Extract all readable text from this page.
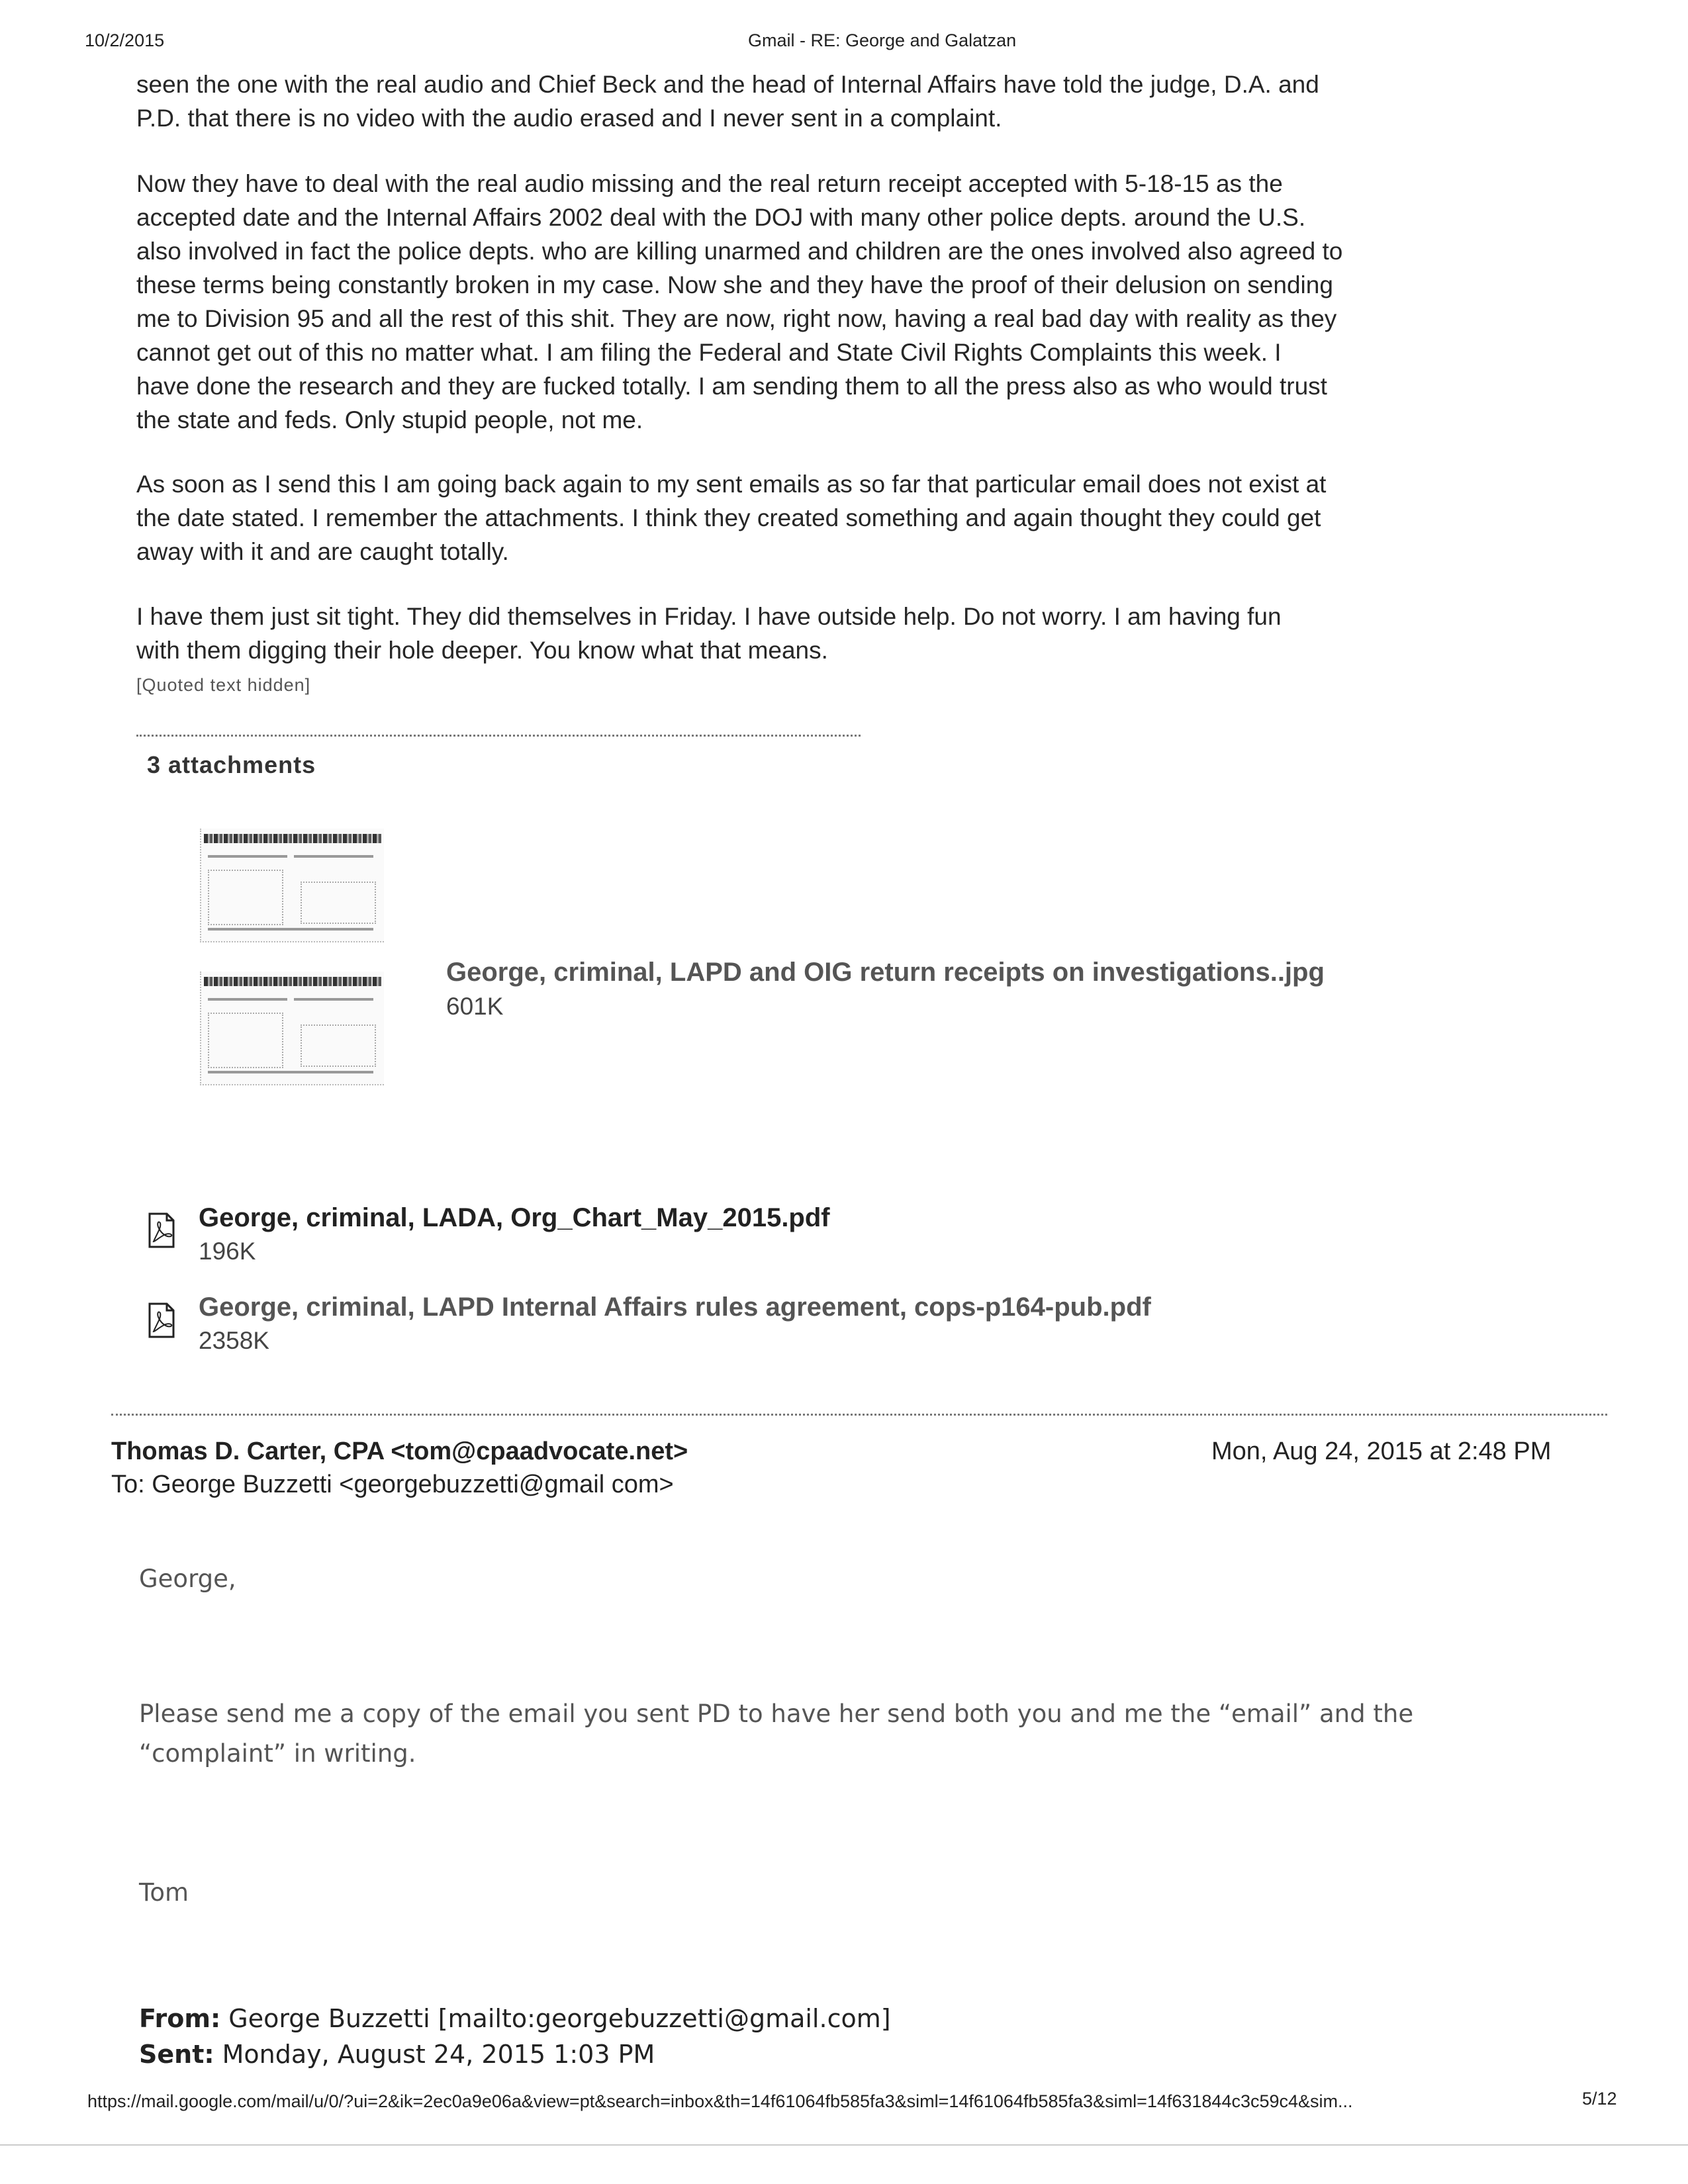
10/2/2015	Gmail - RE: George and Galatzan

seen the one with the real audio and Chief Beck and the head of Internal Affairs have told the judge, D.A. and

P.D. that there is no video with the audio erased and I never sent in a complaint.

Now they have to deal with the real audio missing and the real return receipt accepted with 5-18-15 as the

accepted date and the Internal Affairs 2002 deal with the DOJ with many other police depts. around the U.S.

also involved in fact the police depts. who are killing unarmed and children are the ones involved also agreed to

these terms being constantly broken in my case. Now she and they have the proof of their delusion on sending

me to Division 95 and all the rest of this shit. They are now, right now, having a real bad day with reality as they

cannot get out of this no matter what. I am filing the Federal and State Civil Rights Complaints this week. I

have done the research and they are fucked totally. I am sending them to all the press also as who would trust

the state and feds. Only stupid people, not me.

As soon as I send this I am going back again to my sent emails as so far that particular email does not exist at

the date stated. I remember the attachments. I think they created something and again thought they could get

away with it and are caught totally.

I have them just sit tight. They did themselves in Friday. I have outside help. Do not worry. I am having fun

with them digging their hole deeper. You know what that means.

[Quoted text hidden]
3 attachments
George, criminal, LAPD and OIG return receipts on investigations..jpg
601K
George, criminal, LADA, Org_Chart_May_2015.pdf
196K
George, criminal, LAPD Internal Affairs rules agreement, cops-p164-pub.pdf
2358K
Thomas D. Carter, CPA <tom@cpaadvocate.net>	Mon, Aug 24, 2015 at 2:48 PM
To: George Buzzetti <georgebuzzetti@gmail com>
George,
Please send me a copy of the email you sent PD to have her send both you and me the “email” and the
“complaint” in writing.
Tom
From: George Buzzetti [mailto:georgebuzzetti@gmail.com]
Sent: Monday, August 24, 2015 1:03 PM
https://mail.google.com/mail/u/0/?ui=2&ik=2ec0a9e06a&view=pt&search=inbox&th=14f61064fb585fa3&siml=14f61064fb585fa3&siml=14f631844c3c59c4&sim...	5/12
